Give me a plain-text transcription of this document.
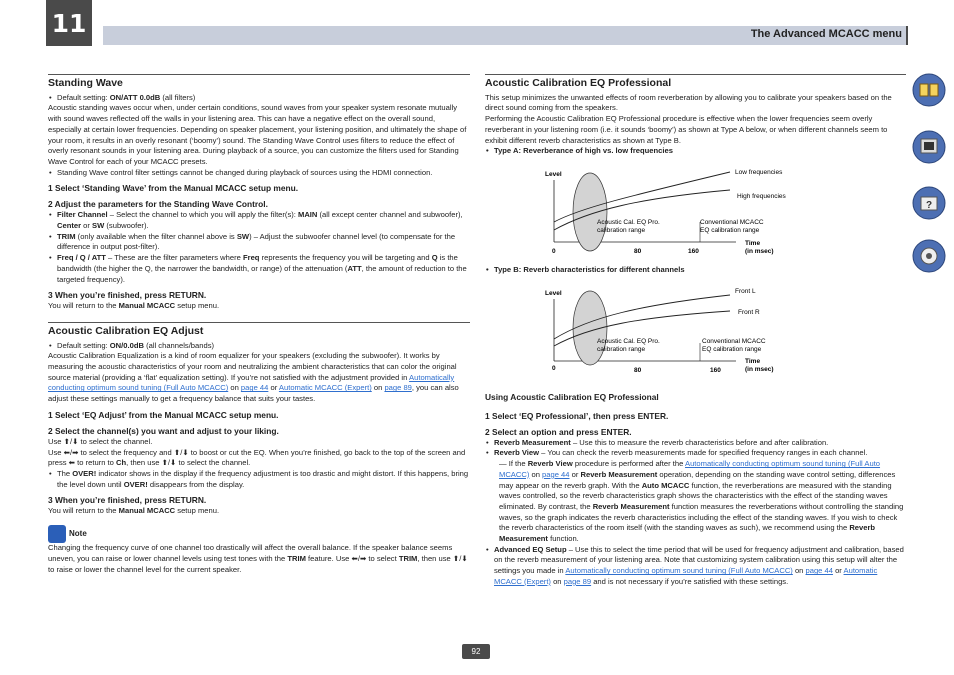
11	The Advanced MCACC menu
Standing Wave

• Default setting: ON/ATT 0.0dB (all filters)

Acoustic standing waves occur when, under certain conditions, sound waves from your speaker system resonate mutually with sound waves reflected off the walls in your listening area. This can have a negative effect on the overall sound, especially at certain lower frequencies. Depending on speaker placement, your listening position, and ultimately the shape of your room, it results in an overly resonant (‘boomy’) sound. The Standing Wave Control uses filters to reduce the effect of overly resonant sounds in your listening area. During playback of a source, you can customize the filters used for Standing Wave Control for each of your MCACC presets.

• Standing Wave control filter settings cannot be changed during playback of sources using the HDMI connection.

1 Select ‘Standing Wave’ from the Manual MCACC setup menu.
2 Adjust the parameters for the Standing Wave Control.

• Filter Channel – Select the channel to which you will apply the filter(s): MAIN (all except center channel and subwoofer), Center or SW (subwoofer).

• TRIM (only available when the filter channel above is SW) – Adjust the subwoofer channel level (to compensate for the difference in output post-filter).

• Freq / Q / ATT – These are the filter parameters where Freq represents the frequency you will be targeting and Q is the bandwidth (the higher the Q, the narrower the bandwidth, or range) of the attenuation (ATT, the amount of reduction to the targeted frequency).

3 When you’re finished, press RETURN.

You will return to the Manual MCACC setup menu.

Acoustic Calibration EQ Adjust

• Default setting: ON/0.0dB (all channels/bands)

Acoustic Calibration Equalization is a kind of room equalizer for your speakers (excluding the subwoofer). It works by measuring the acoustic characteristics of your room and neutralizing the ambient characteristics that can color the original source material (providing a ‘flat’ equalization setting). If you’re not satisfied with the adjustment provided in Automatically conducting optimum sound tuning (Full Auto MCACC) on page 44 or Automatic MCACC (Expert) on page 89, you can also adjust these settings manually to get a frequency balance that suits your tastes.

1 Select ‘EQ Adjust’ from the Manual MCACC setup menu.
2 Select the channel(s) you want and adjust to your liking.

Use ⬆/⬇ to select the channel.

Use ⬅/➡ to select the frequency and ⬆/⬇ to boost or cut the EQ. When you’re finished, go back to the top of the screen and press ⬅ to return to Ch, then use ⬆/⬇ to select the channel.

• The OVER! indicator shows in the display if the frequency adjustment is too drastic and might distort. If this happens, bring the level down until OVER! disappears from the display.

3 When you’re finished, press RETURN.

You will return to the Manual MCACC setup menu.

Note

Changing the frequency curve of one channel too drastically will affect the overall balance. If the speaker balance seems uneven, you can raise or lower channel levels using test tones with the TRIM feature. Use ⬅/➡ to select TRIM, then use ⬆/⬇ to raise or lower the channel level for the current speaker.

Acoustic Calibration EQ Professional

This setup minimizes the unwanted effects of room reverberation by allowing you to calibrate your speakers based on the direct sound coming from the speakers.

Performing the Acoustic Calibration EQ Professional procedure is effective when the lower frequencies seem overly reverberant in your listening room (i.e. it sounds ‘boomy’) as shown at Type A below, or when different channels seem to exhibit different reverb characteristics as shown at Type B.

• Type A: Reverberance of high vs. low frequencies

Level	Low frequencies
High frequencies
Acoustic Cal. EQ Pro.
calibration range
Conventional MCACC
EQ calibration range
Time
(in msec)
0	80	160

• Type B: Reverb characteristics for different channels

Level	Front L
Front R
Acoustic Cal. EQ Pro.
calibration range
Conventional MCACC
EQ calibration range
Time
(in msec)
0	80	160
Using Acoustic Calibration EQ Professional
1 Select ‘EQ Professional’, then press ENTER.
2 Select an option and press ENTER.

• Reverb Measurement – Use this to measure the reverb characteristics before and after calibration.

• Reverb View – You can check the reverb measurements made for specified frequency ranges in each channel.

— If the Reverb View procedure is performed after the Automatically conducting optimum sound tuning (Full Auto MCACC) on page 44 or Reverb Measurement operation, depending on the standing wave control setting, differences may appear on the reverb graph. With the Auto MCACC function, the reverberations are measured with the standing waves controlled, so the reverb characteristics graph shows the characteristics with the effect of the standing waves eliminated. By contrast, the Reverb Measurement function measures the reverberations without controlling the standing waves, so the graph indicates the reverb characteristics including the effect of the standing waves. If you wish to check the reverb characteristics of the room itself (with the standing waves as such), we recommend using the Reverb Measurement function.

• Advanced EQ Setup – Use this to select the time period that will be used for frequency adjustment and calibration, based on the reverb measurement of your listening area. Note that customizing system calibration using this setup will alter the settings you made in Automatically conducting optimum sound tuning (Full Auto MCACC) on page 44 or Automatic MCACC (Expert) on page 89 and is not necessary if you’re satisfied with these settings.

?
92
